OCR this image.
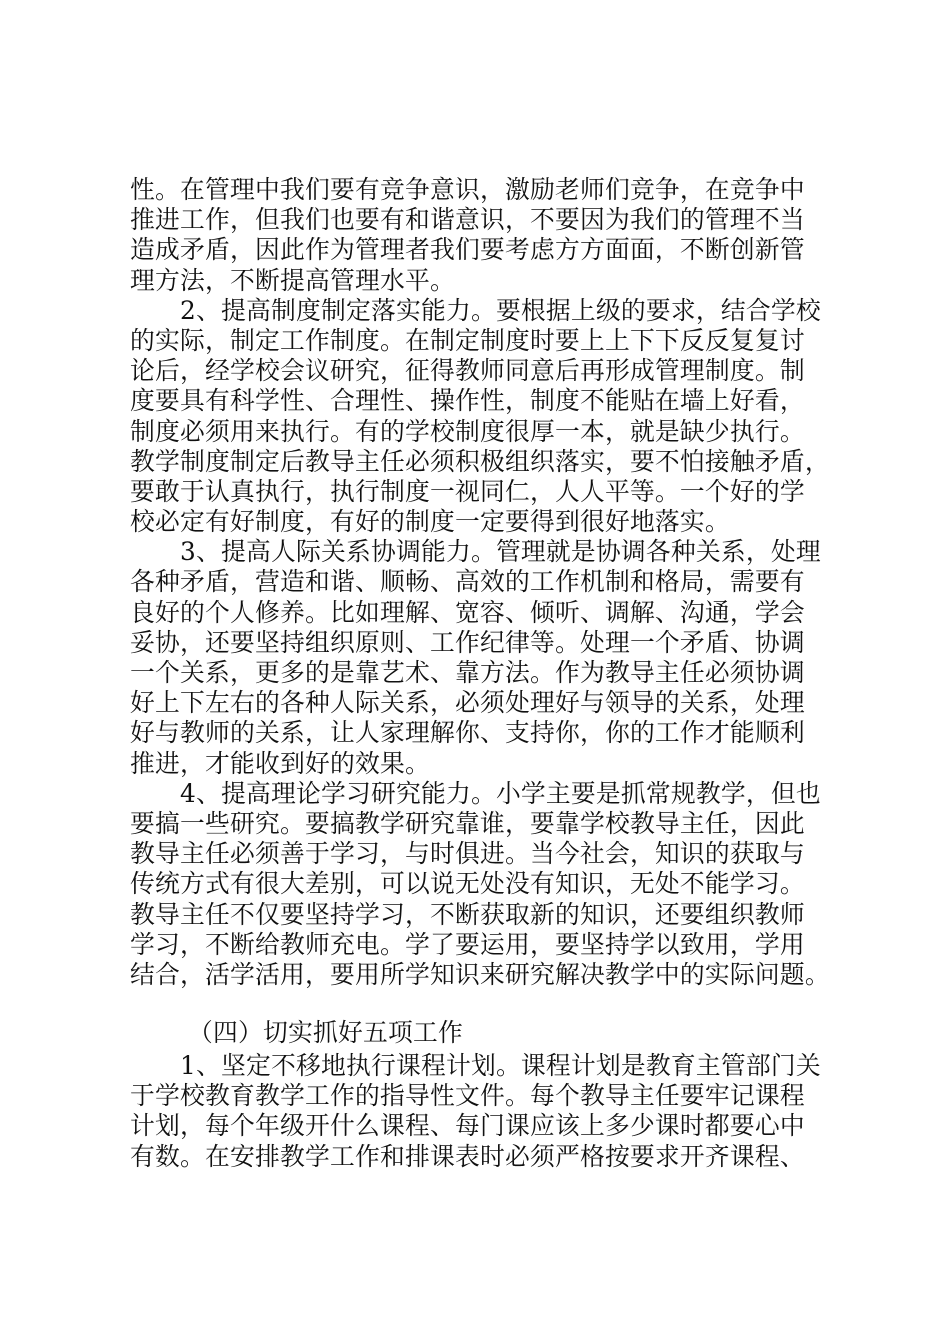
性。在管理中我们要有竞争意识，激励老师们竞争，在竞争中
推进工作，但我们也要有和谐意识，不要因为我们的管理不当
造成矛盾，因此作为管理者我们要考虑方方面面，不断创新管
理方法，不断提高管理水平。
2、提高制度制定落实能力。要根据上级的要求，结合学校
的实际，制定工作制度。在制定制度时要上上下下反反复复讨
论后，经学校会议研究，征得教师同意后再形成管理制度。制
度要具有科学性、合理性、操作性，制度不能贴在墙上好看，
制度必须用来执行。有的学校制度很厚一本，就是缺少执行。
教学制度制定后教导主任必须积极组织落实，要不怕接触矛盾，
要敢于认真执行，执行制度一视同仁，人人平等。一个好的学
校必定有好制度，有好的制度一定要得到很好地落实。
3、提高人际关系协调能力。管理就是协调各种关系，处理
各种矛盾，营造和谐、顺畅、高效的工作机制和格局，需要有
良好的个人修养。比如理解、宽容、倾听、调解、沟通，学会
妥协，还要坚持组织原则、工作纪律等。处理一个矛盾、协调
一个关系，更多的是靠艺术、靠方法。作为教导主任必须协调
好上下左右的各种人际关系，必须处理好与领导的关系，处理
好与教师的关系，让人家理解你、支持你，你的工作才能顺利
推进，才能收到好的效果。
4、提高理论学习研究能力。小学主要是抓常规教学，但也
要搞一些研究。要搞教学研究靠谁，要靠学校教导主任，因此
教导主任必须善于学习，与时俱进。当今社会，知识的获取与
传统方式有很大差别，可以说无处没有知识，无处不能学习。
教导主任不仅要坚持学习，不断获取新的知识，还要组织教师
学习，不断给教师充电。学了要运用，要坚持学以致用，学用
结合，活学活用，要用所学知识来研究解决教学中的实际问题。
（四）切实抓好五项工作
1、坚定不移地执行课程计划。课程计划是教育主管部门关
于学校教育教学工作的指导性文件。每个教导主任要牢记课程
计划，每个年级开什么课程、每门课应该上多少课时都要心中
有数。在安排教学工作和排课表时必须严格按要求开齐课程、
